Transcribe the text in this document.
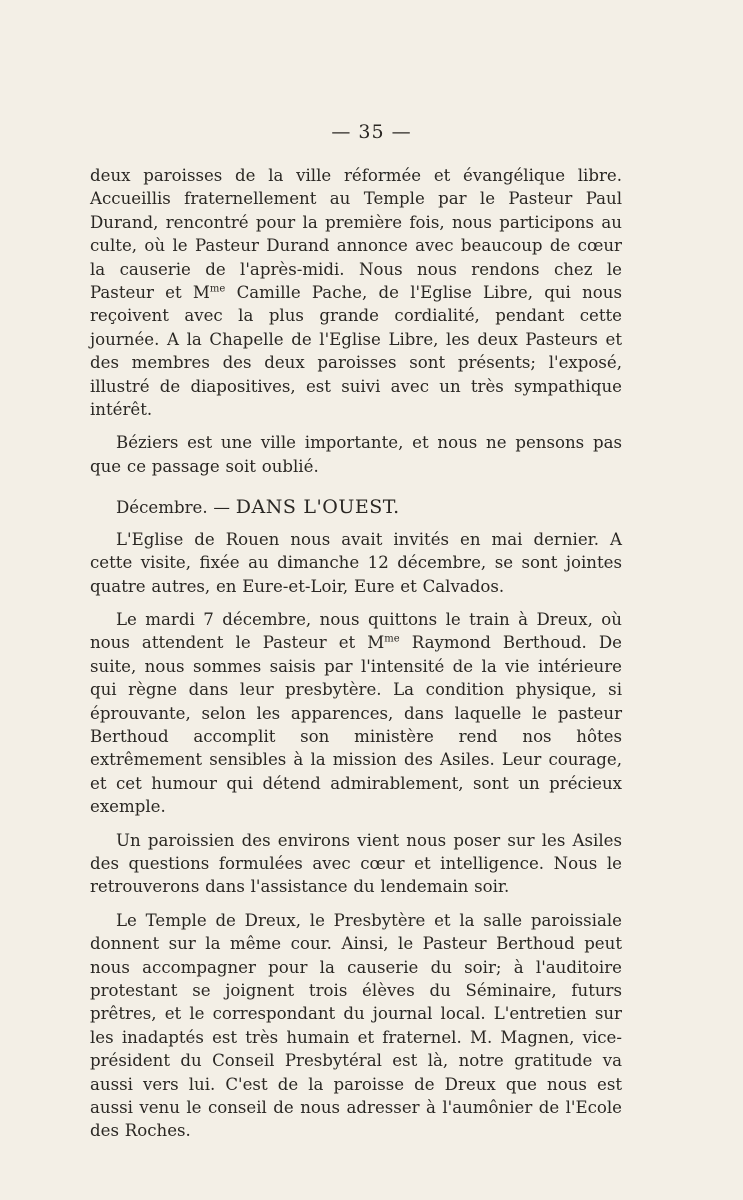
— 35 —

deux paroisses de la ville réformée et évangélique libre. Accueillis fraternellement au Temple par le Pasteur Paul Durand, rencontré pour la première fois, nous participons au culte, où le Pasteur Durand annonce avec beaucoup de cœur la causerie de l'après-midi. Nous nous rendons chez le Pasteur et $M^{me}$ Camille Pache, de l'Eglise Libre, qui nous reçoivent avec la plus grande cordialité, pendant cette journée. A la Chapelle de l'Eglise Libre, les deux Pasteurs et des membres des deux paroisses sont présents; l'exposé, illustré de diapositives, est suivi avec un très sympathique intérêt.

Béziers est une ville importante, et nous ne pensons pas que ce passage soit oublié.

Décembre. — DANS L'OUEST.

L'Eglise de Rouen nous avait invités en mai dernier. A cette visite, fixée au dimanche 12 décembre, se sont jointes quatre autres, en Eure-et-Loir, Eure et Calvados.

Le mardi 7 décembre, nous quittons le train à Dreux, où nous attendent le Pasteur et $M^{me}$ Raymond Berthoud. De suite, nous sommes saisis par l'intensité de la vie intérieure qui règne dans leur presbytère. La condition physique, si éprouvante, selon les apparences, dans laquelle le pasteur Berthoud accomplit son ministère rend nos hôtes extrêmement sensibles à la mission des Asiles. Leur courage, et cet humour qui détend admirablement, sont un précieux exemple.

Un paroissien des environs vient nous poser sur les Asiles des questions formulées avec cœur et intelligence. Nous le retrouverons dans l'assistance du lendemain soir.

Le Temple de Dreux, le Presbytère et la salle paroissiale donnent sur la même cour. Ainsi, le Pasteur Berthoud peut nous accompagner pour la causerie du soir; à l'auditoire protestant se joignent trois élèves du Séminaire, futurs prêtres, et le correspondant du journal local. L'entretien sur les inadaptés est très humain et fraternel. M. Magnen, vice-président du Conseil Presbytéral est là, notre gratitude va aussi vers lui. C'est de la paroisse de Dreux que nous est aussi venu le conseil de nous adresser à l'aumônier de l'Ecole des Roches.
